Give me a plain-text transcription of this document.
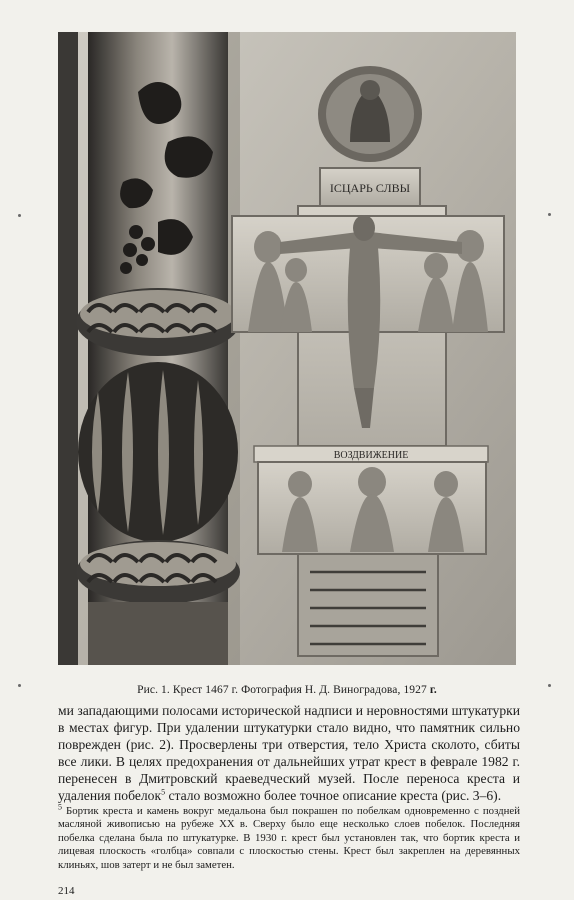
ІСЦАРЬ СЛВЫ
ВОЗДВИЖЕНИЕ
Рис. 1. Крест 1467 г. Фотография Н. Д. Виноградова, 1927 г.
ми западающими полосами исторической надписи и неровностями штукатурки в местах фигур. При удалении штукатурки стало видно, что памятник сильно поврежден (рис. 2). Просверлены три отверстия, тело Христа сколото, сбиты все лики. В целях предохранения от дальнейших утрат крест в феврале 1982 г. перенесен в Дмитровский краеведческий музей. После переноса креста и удаления побелок$^5$ стало возможно более точное описание креста (рис. 3–6).
$^5$ Бортик креста и камень вокруг медальона был покрашен по побелкам одновременно с поздней масляной живописью на рубеже XX в. Сверху было еще несколько слоев побелок. Последняя побелка сделана была по штукатурке. В 1930 г. крест был установлен так, что бортик креста и лицевая плоскость «голбца» совпали с плоскостью стены. Крест был закреплен на деревянных клиньях, шов затерт и не был заметен.
214
